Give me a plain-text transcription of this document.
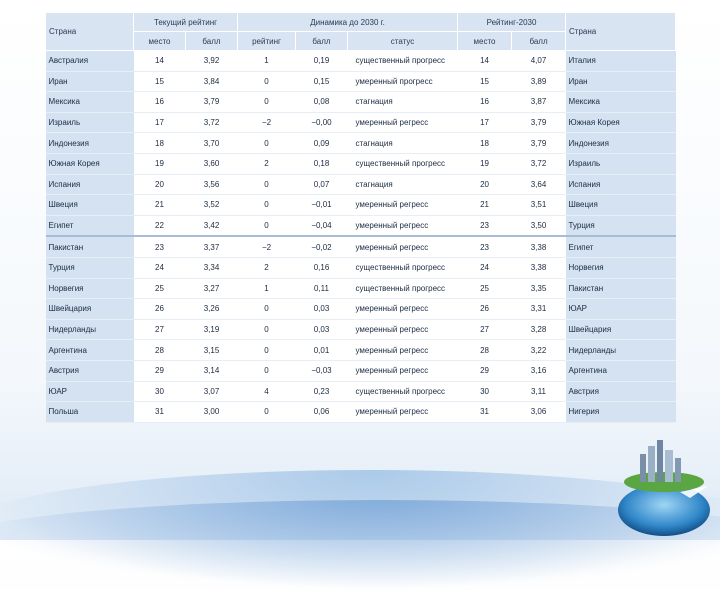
Страна	Текущий рейтинг		Динамика до 2030 г.			Рейтинг-2030		Страна
	место	балл	рейтинг	балл	статус	место	балл	
Австралия	14	3,92	1	0,19	существенный прогресс	14	4,07	Италия
Иран	15	3,84	0	0,15	умеренный прогресс	15	3,89	Иран
Мексика	16	3,79	0	0,08	стагнация	16	3,87	Мексика
Израиль	17	3,72	−2	−0,00	умеренный регресс	17	3,79	Южная Корея
Индонезия	18	3,70	0	0,09	стагнация	18	3,79	Индонезия
Южная Корея	19	3,60	2	0,18	существенный прогресс	19	3,72	Израиль
Испания	20	3,56	0	0,07	стагнация	20	3,64	Испания
Швеция	21	3,52	0	−0,01	умеренный регресс	21	3,51	Швеция
Египет	22	3,42	0	−0,04	умеренный регресс	23	3,50	Турция
Пакистан	23	3,37	−2	−0,02	умеренный регресс	23	3,38	Египет
Турция	24	3,34	2	0,16	существенный прогресс	24	3,38	Норвегия
Норвегия	25	3,27	1	0,11	существенный прогресс	25	3,35	Пакистан
Швейцария	26	3,26	0	0,03	умеренный регресс	26	3,31	ЮАР
Нидерланды	27	3,19	0	0,03	умеренный регресс	27	3,28	Швейцария
Аргентина	28	3,15	0	0,01	умеренный регресс	28	3,22	Нидерланды
Австрия	29	3,14	0	−0,03	умеренный регресс	29	3,16	Аргентина
ЮАР	30	3,07	4	0,23	существенный прогресс	30	3,11	Австрия
Польша	31	3,00	0	0,06	умеренный регресс	31	3,06	Нигерия
